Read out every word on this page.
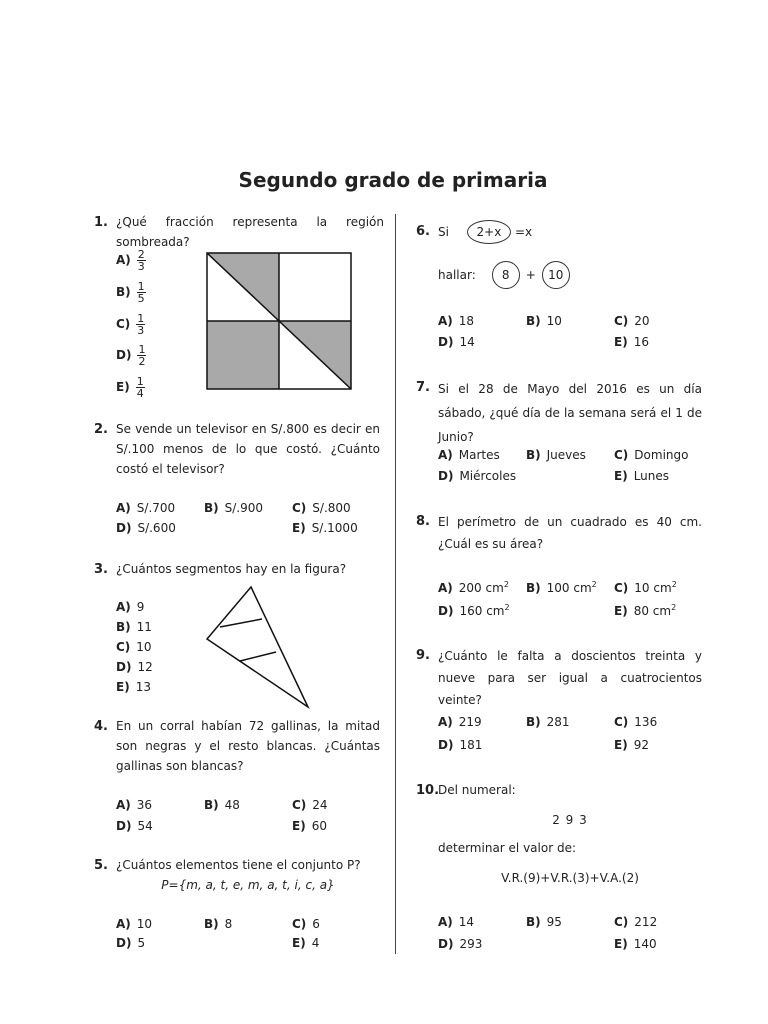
Segundo grado de primaria
1. ¿Qué fracción representa la región sombreada?
$A) \frac{2}{3}$
$B) \frac{1}{5}$
$C) \frac{1}{3}$
$D) \frac{1}{2}$
$E) \frac{1}{4}$
2. Se vende un televisor en S/.800 es decir en S/.100 menos de lo que costó. ¿Cuánto costó el televisor?
A) S/.700 B) S/.900 C) S/.800
D) S/.600	E) S/.1000
3. ¿Cuántos segmentos hay en la figura?
A) 9
B) 11
C) 10
D) 12
E) 13
4. En un corral habían 72 gallinas, la mitad son negras y el resto blancas. ¿Cuántas gallinas son blancas?
A) 36	B) 48	C) 24
D) 54	E) 60
5. ¿Cuántos elementos tiene el conjunto P?
P={m, a, t, e, m, a, t, i, c, a}
A) 10	B) 8	C) 6
D) 5	E) 4
6. Si	2+x	=x
hallar:	8	+	10
A) 18	B) 10	C) 20
D) 14	E) 16
7. Si el 28 de Mayo del 2016 es un día sábado, ¿qué día de la semana será el 1 de Junio?
A) Martes B) Jueves C) Domingo
D) Miércoles	E) Lunes
8. El perímetro de un cuadrado es 40 cm. ¿Cuál es su área?
A) 200 $cm^2$ B) 100 $cm^2$ C) 10 $cm^2$
D) 160 $cm^2$	E) 80 $cm^2$
9. ¿Cuánto le falta a doscientos treinta y nueve para ser igual a cuatrocientos veinte?
A) 219	B) 281	C) 136
D) 181	E) 92
10.
Del numeral:
2 9 3
determinar el valor de:
V.R.(9)+V.R.(3)+V.A.(2)
A) 14	B) 95	C) 212
D) 293	E) 140
